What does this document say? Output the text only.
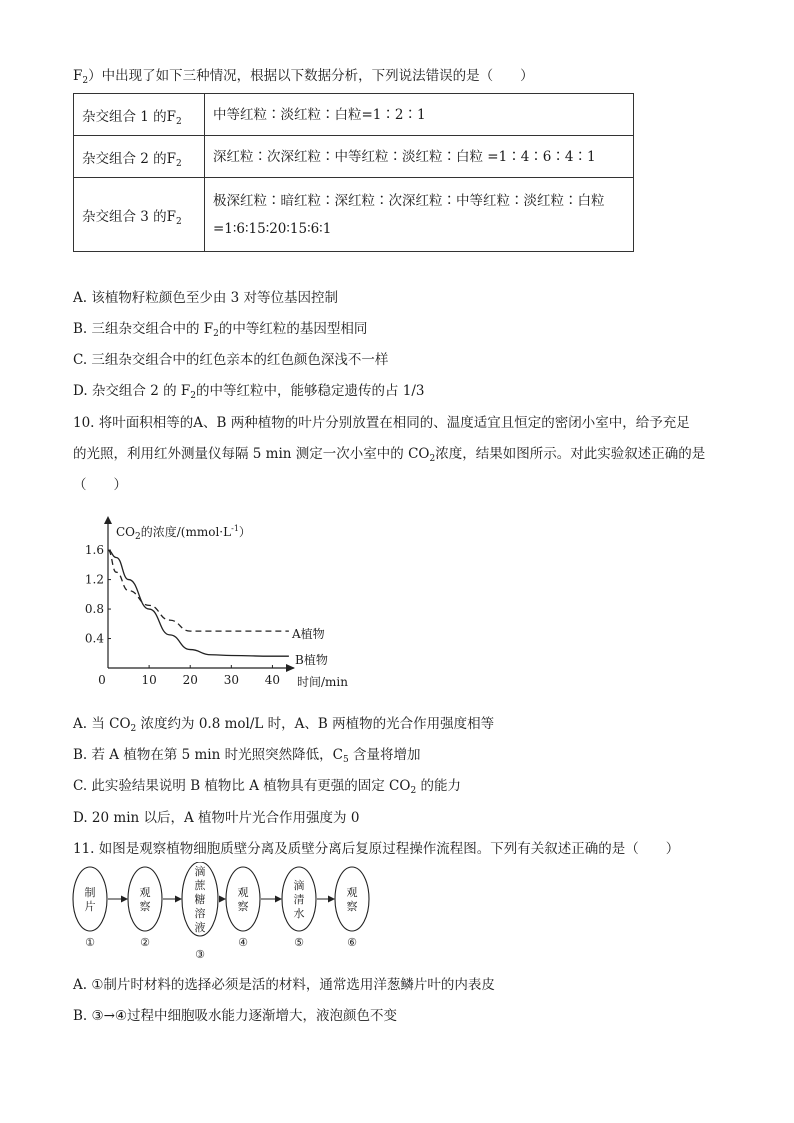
$F_2$）中出现了如下三种情况，根据以下数据分析，下列说法错误的是（　　）
杂交组合 1 的$F_2$	中等红粒∶淡红粒∶白粒=1∶2∶1

杂交组合 2 的$F_2$	深红粒∶次深红粒∶中等红粒∶淡红粒∶白粒 =1∶4∶6∶4∶1

杂交组合 3 的$F_2$	极深红粒∶暗红粒∶深红粒∶次深红粒∶中等红粒∶淡红粒∶白粒
=1∶6∶15∶20∶15∶6∶1
A. 该植物籽粒颜色至少由 3 对等位基因控制
B. 三组杂交组合中的 $F_2$的中等红粒的基因型相同
C. 三组杂交组合中的红色亲本的红色颜色深浅不一样
D. 杂交组合 2 的 $F_2$的中等红粒中，能够稳定遗传的占 1/3
10. 将叶面积相等的A、B 两种植物的叶片分别放置在相同的、温度适宜且恒定的密闭小室中，给予充足
的光照，利用红外测量仪每隔 5 min 测定一次小室中的 $CO_2$浓度，结果如图所示。对此实验叙述正确的是
（　　）
0	10 20 30 40
0.4
0.8
1.2
1.6
$CO_2$的浓度$/(mmol\cdot L^{-1})$
时间/min
A植物
B植物
A. 当 $CO_2$ 浓度约为 0.8 mol/L 时，A、B 两植物的光合作用强度相等
B. 若 A 植物在第 5 min 时光照突然降低，$C_5$ 含量将增加
C. 此实验结果说明 B 植物比 A 植物具有更强的固定 $CO_2$ 的能力
D. 20 min 以后，A 植物叶片光合作用强度为 0
11. 如图是观察植物细胞质壁分离及质壁分离后复原过程操作流程图。下列有关叙述正确的是（　　）
制
片
①
观
察
②
滴
蔗
糖
溶
液
③
观
察
④
滴
清
水
⑤
观
察
⑥
A. ①制片时材料的选择必须是活的材料，通常选用洋葱鳞片叶的内表皮
B. ③→④过程中细胞吸水能力逐渐增大，液泡颜色不变
